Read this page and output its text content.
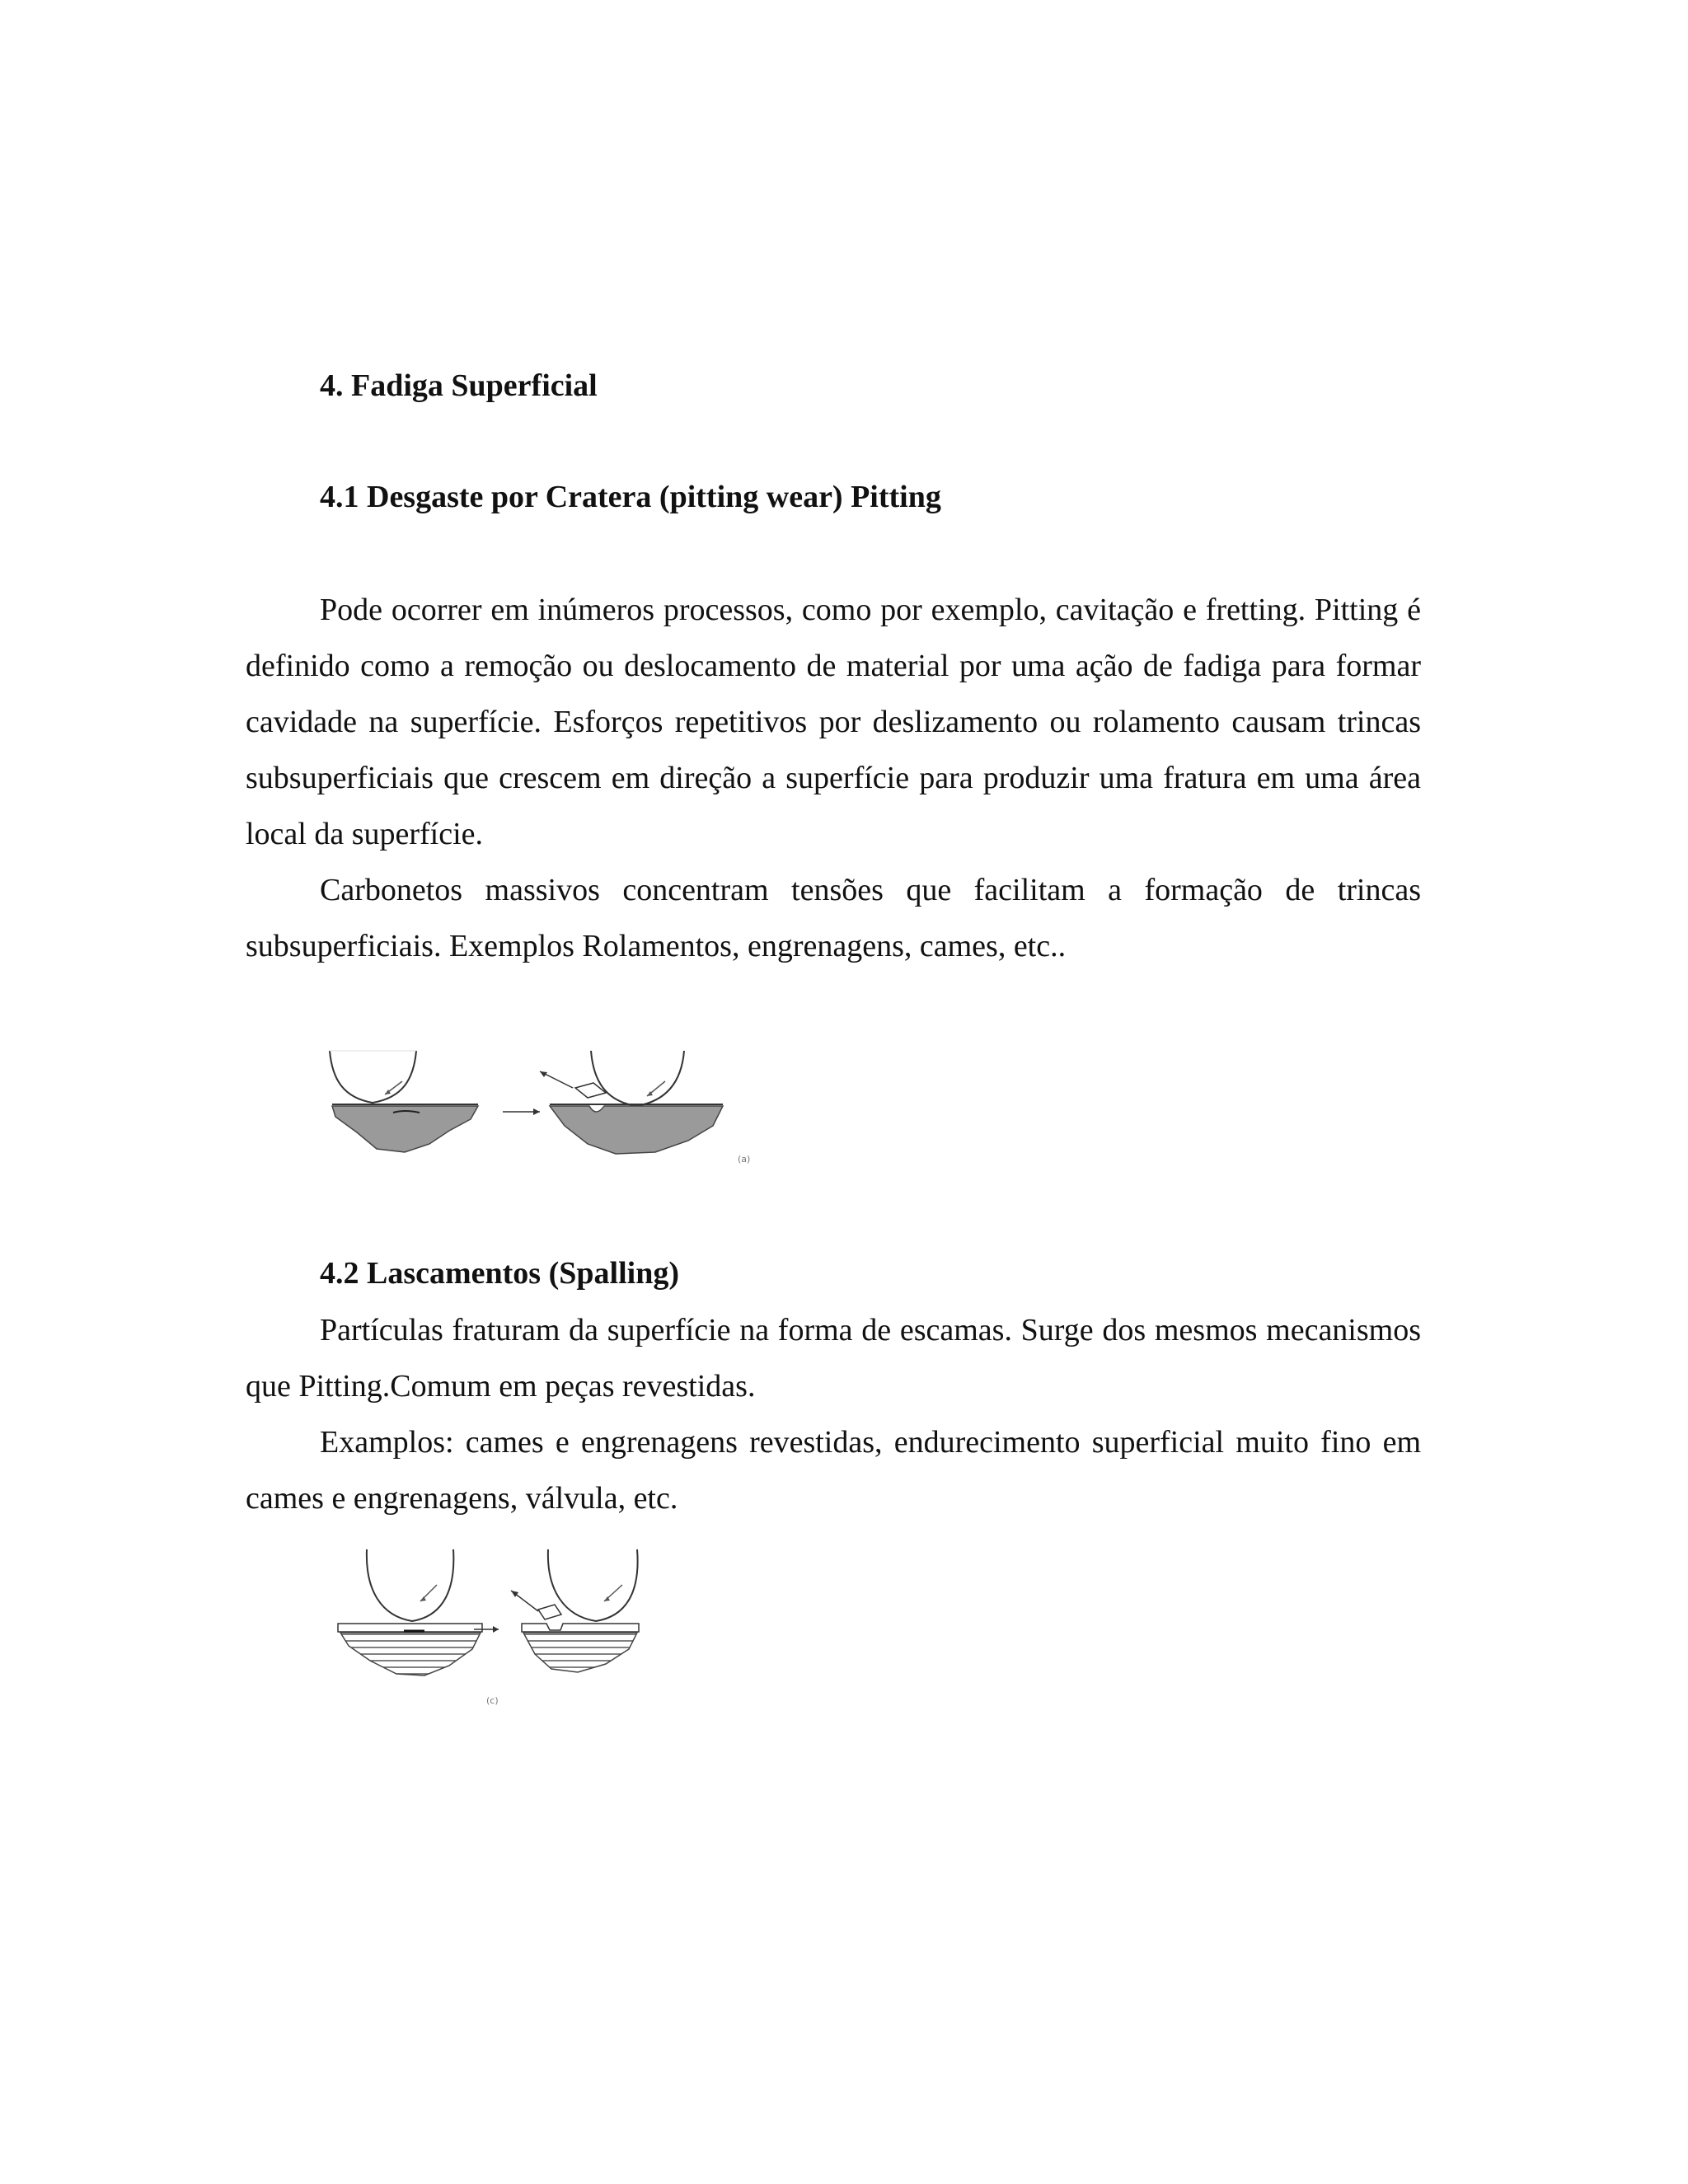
4. Fadiga Superficial
4.1 Desgaste por Cratera (pitting wear) Pitting

Pode ocorrer em inúmeros processos, como por exemplo, cavitação e fretting. Pitting é definido como a remoção ou deslocamento de material por uma ação de fadiga para formar cavidade na superfície. Esforços repetitivos por deslizamento ou rolamento causam trincas subsuperficiais que crescem em direção a superfície para produzir uma fratura em uma área local da superfície.

Carbonetos massivos concentram tensões que facilitam a formação de trincas subsuperficiais. Exemplos Rolamentos, engrenagens, cames, etc..

(a)
4.2 Lascamentos (Spalling)

Partículas fraturam da superfície na forma de escamas. Surge dos mesmos mecanismos que Pitting.Comum em peças revestidas.

Examplos: cames e engrenagens revestidas, endurecimento superficial muito fino em cames e engrenagens, válvula, etc.

(c)
